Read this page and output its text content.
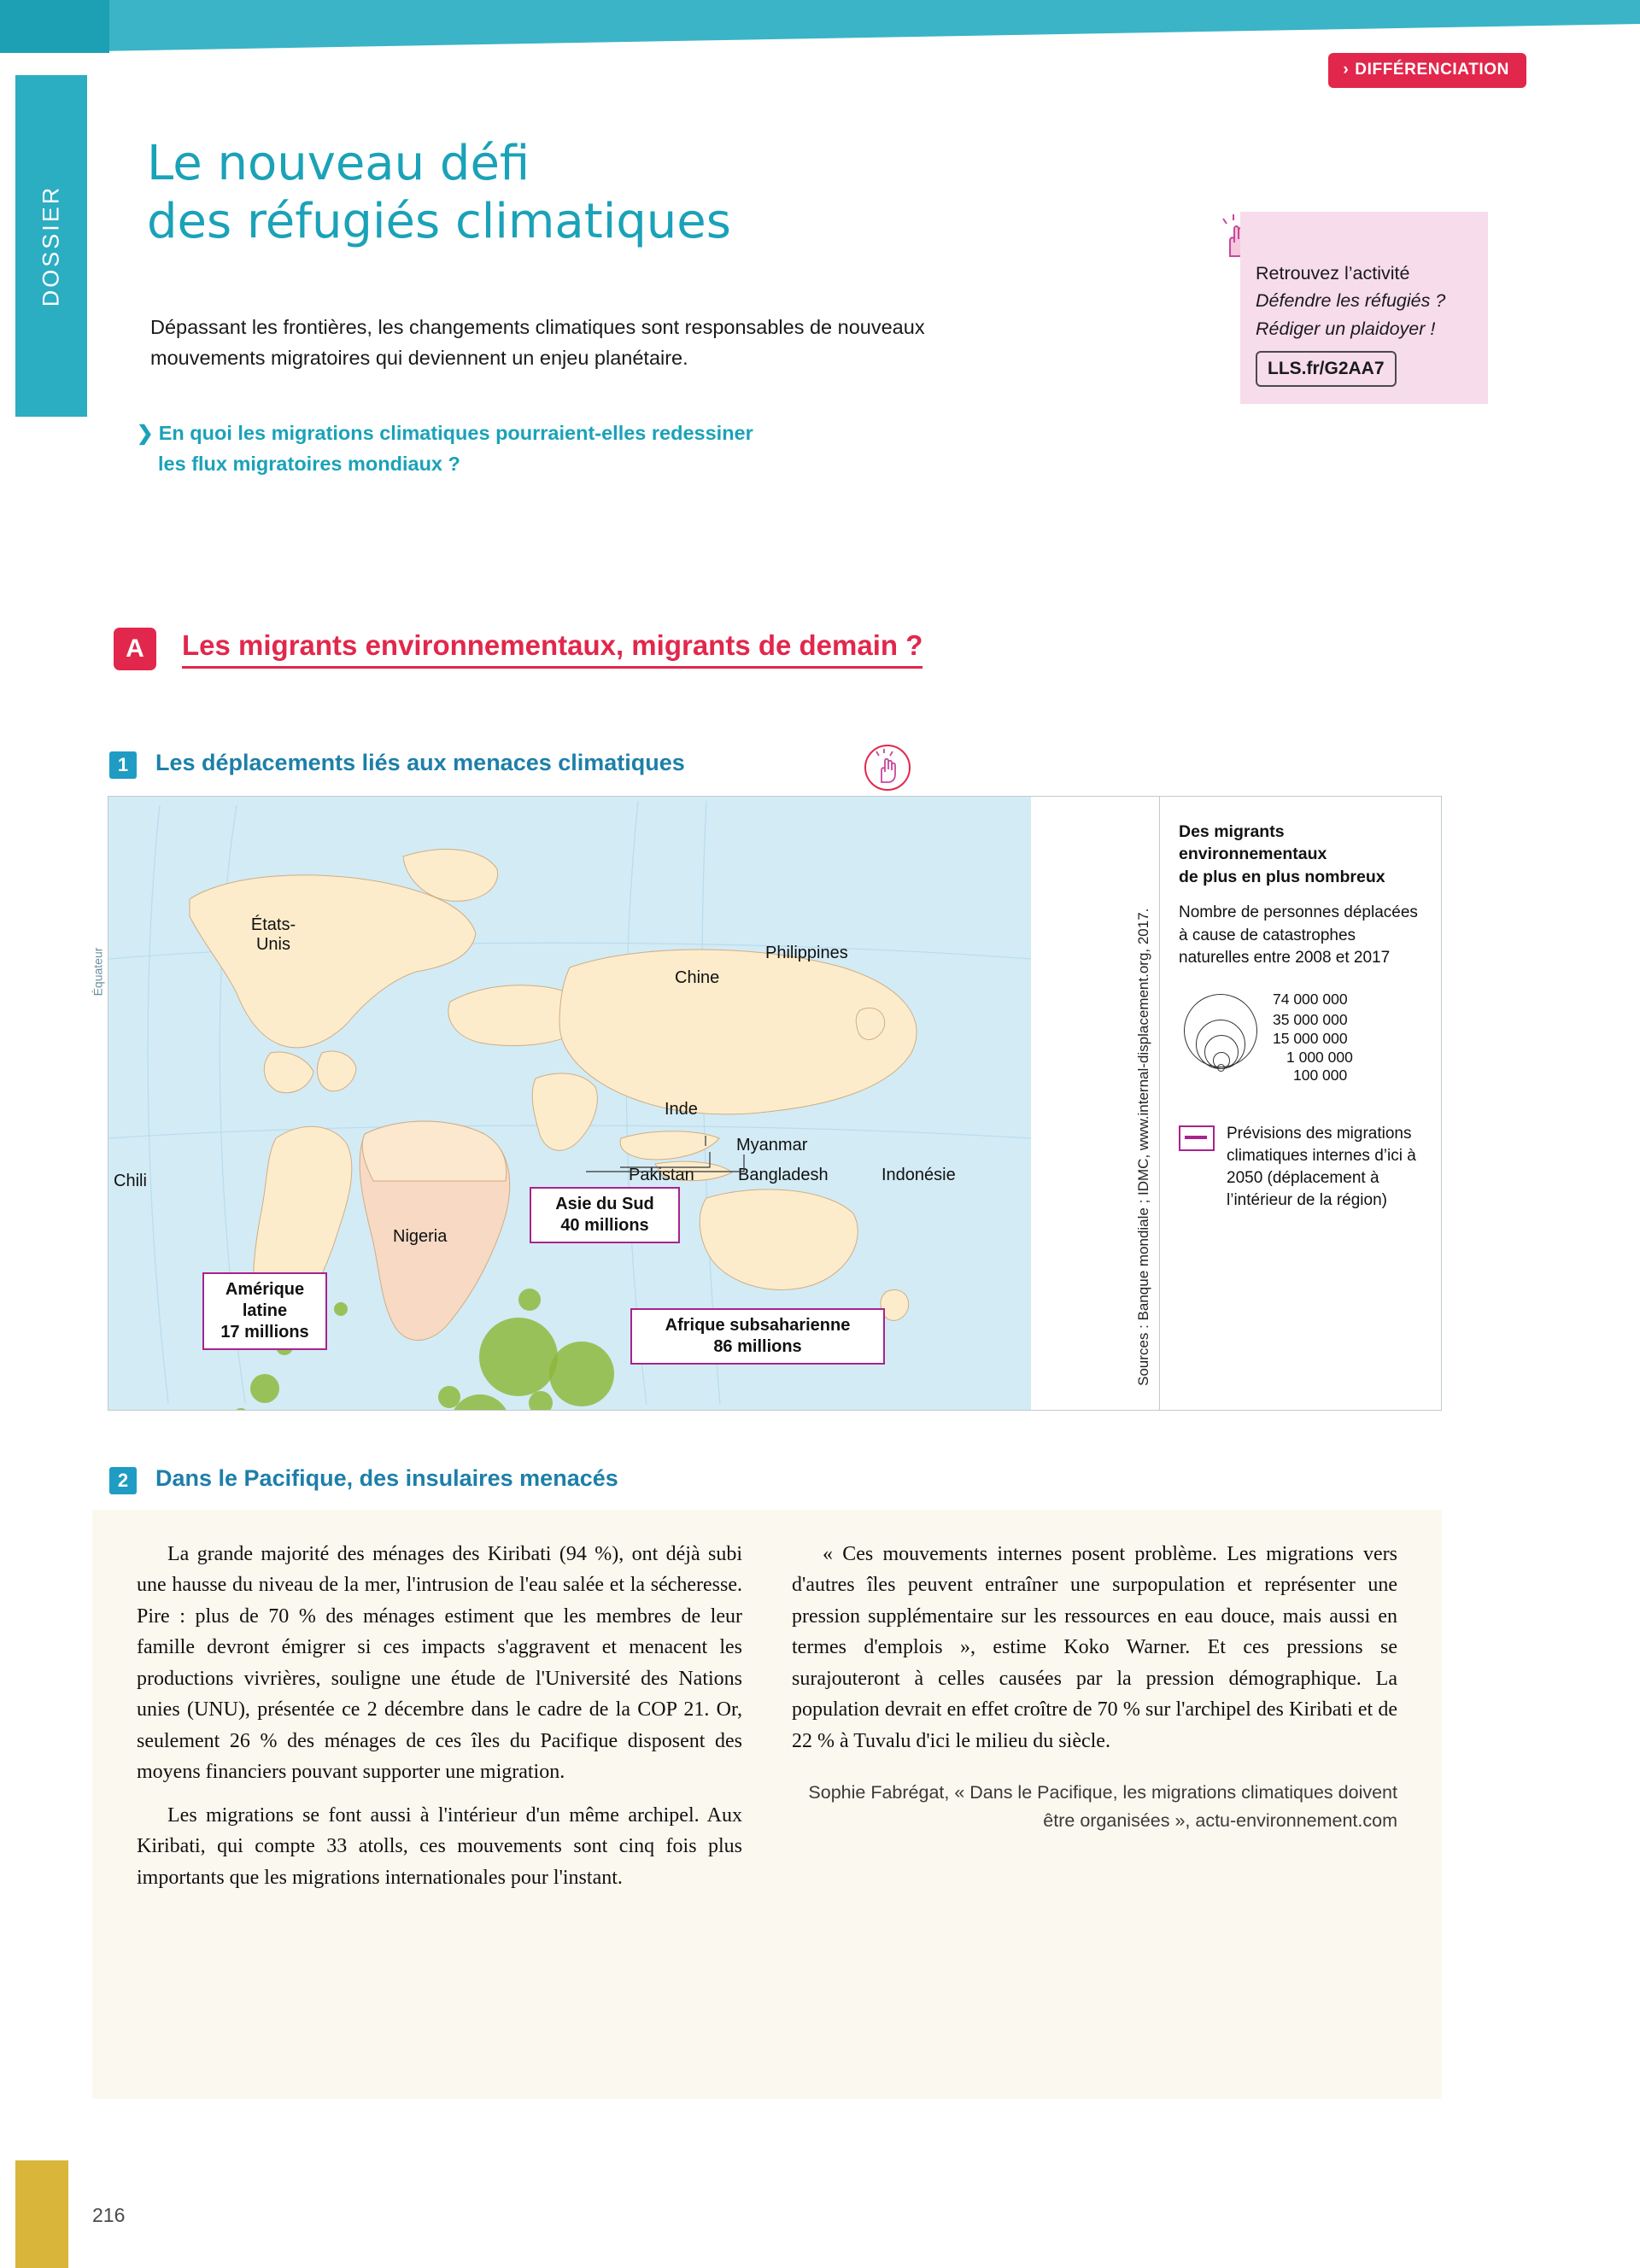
DOSSIER
› DIFFÉRENCIATION
Le nouveau défi
des réfugiés climatiques
Dépassant les frontières, les changements climatiques sont responsables de nouveaux mouvements migratoires qui deviennent un enjeu planétaire.
❯ En quoi les migrations climatiques pourraient-elles redessiner
les flux migratoires mondiaux ?
Retrouvez l’activité Défendre les réfugiés ? Rédiger un plaidoyer !
LLS.fr/G2AA7
A	Les migrants environnementaux, migrants de demain ?
1	Les déplacements liés aux menaces climatiques
Des migrants environnementaux
de plus en plus nombreux
Nombre de personnes déplacées à cause de catastrophes naturelles entre 2008 et 2017
74 000 000
35 000 000
15 000 000
1 000 000
100 000
Prévisions des migrations climatiques internes d’ici à 2050 (déplacement à l’intérieur de la région)
Sources : Banque mondiale ; IDMC, www.internal-displacement.org, 2017.
États-
Unis
Chine
Philippines
Inde
Myanmar
Bangladesh	Indonésie
Pakistan
Chili
Nigeria
Équateur
Asie du Sud
40 millions
Afrique subsaharienne
86 millions
Amérique latine
17 millions
2	Dans le Pacifique, des insulaires menacés

La grande majorité des ménages des Kiribati (94 %), ont déjà subi une hausse du niveau de la mer, l'intrusion de l'eau salée et la sécheresse. Pire : plus de 70 % des ménages estiment que les membres de leur famille devront émigrer si ces impacts s'aggravent et menacent les productions vivrières, souligne une étude de l'Université des Nations unies (UNU), présentée ce 2 décembre dans le cadre de la COP 21. Or, seulement 26 % des ménages de ces îles du Pacifique disposent des moyens financiers pouvant supporter une migration.

Les migrations se font aussi à l'intérieur d'un même archipel. Aux Kiribati, qui compte 33 atolls, ces mouvements sont cinq fois plus importants que les migrations internationales pour l'instant.

« Ces mouvements internes posent problème. Les migrations vers d'autres îles peuvent entraîner une surpopulation et représenter une pression supplémentaire sur les ressources en eau douce, mais aussi en termes d'emplois », estime Koko Warner. Et ces pressions se surajouteront à celles causées par la pression démographique. La population devrait en effet croître de 70 % sur l'archipel des Kiribati et de 22 % à Tuvalu d'ici le milieu du siècle.

Sophie Fabrégat, « Dans le Pacifique, les migrations climatiques doivent être organisées », actu-environnement.com
216
